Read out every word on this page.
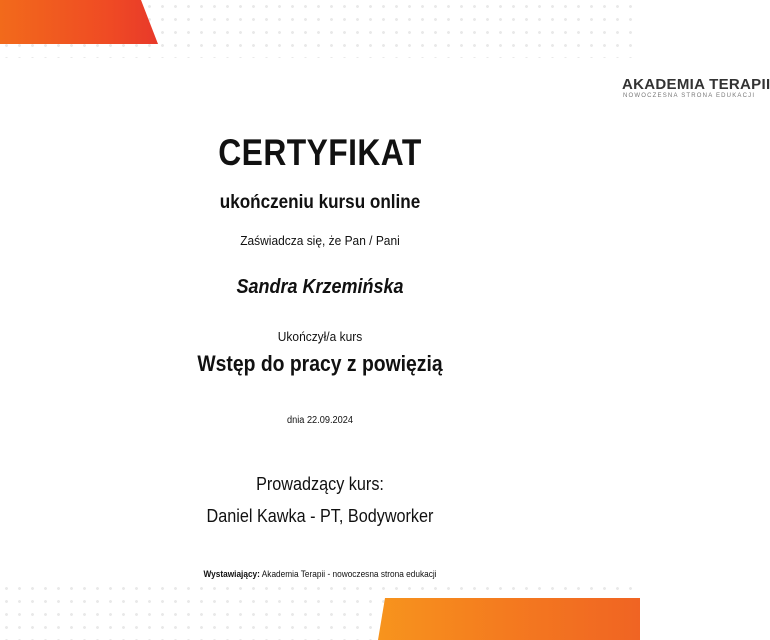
AKADEMIA TERAPII
NOWOCZESNA STRONA EDUKACJI
CERTYFIKAT
ukończeniu kursu online
Zaświadcza się, że Pan / Pani
Sandra Krzemińska
Ukończył/a kurs
Wstęp do pracy z powięzią
dnia 22.09.2024
Prowadzący kurs:
Daniel Kawka - PT, Bodyworker
Wystawiający: Akademia Terapii - nowoczesna strona edukacji
